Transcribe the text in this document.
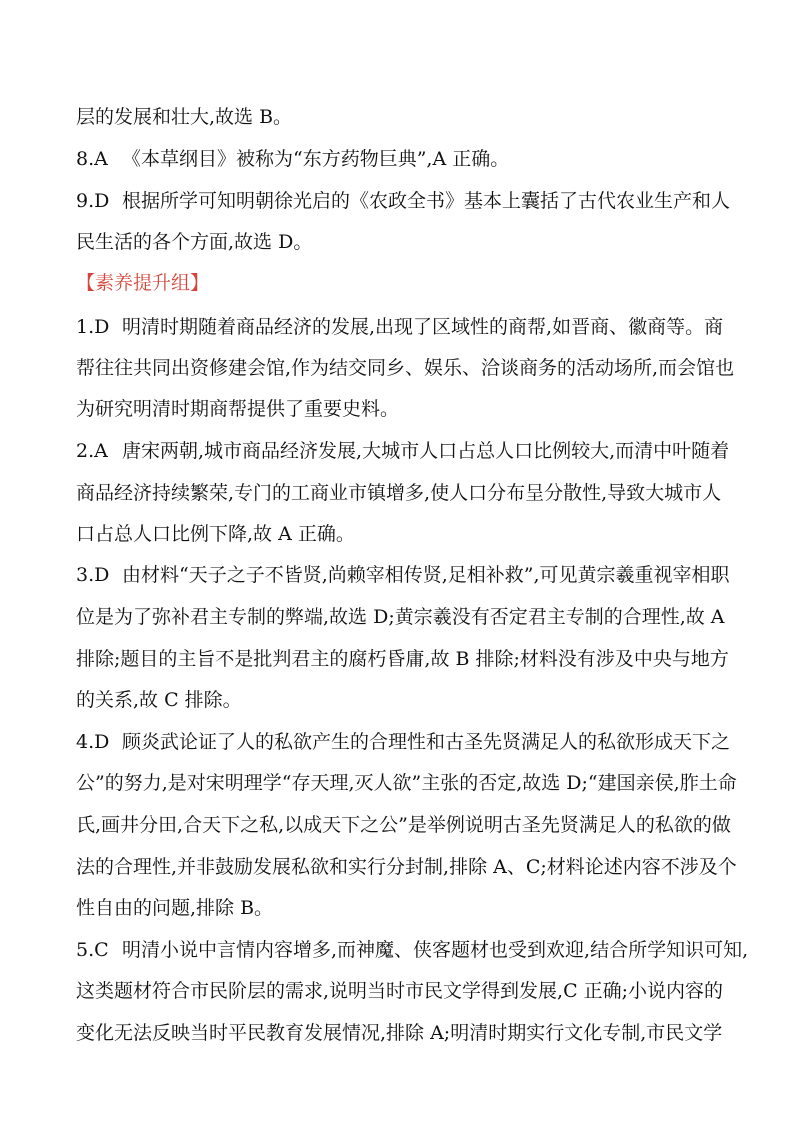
层的发展和壮大,故选 B。
8.A 《本草纲目》被称为“东方药物巨典”,A 正确。
9.D 根据所学可知明朝徐光启的《农政全书》基本上囊括了古代农业生产和人
民生活的各个方面,故选 D。
【素养提升组】
1.D 明清时期随着商品经济的发展,出现了区域性的商帮,如晋商、徽商等。商
帮往往共同出资修建会馆,作为结交同乡、娱乐、洽谈商务的活动场所,而会馆也
为研究明清时期商帮提供了重要史料。
2.A 唐宋两朝,城市商品经济发展,大城市人口占总人口比例较大,而清中叶随着
商品经济持续繁荣,专门的工商业市镇增多,使人口分布呈分散性,导致大城市人
口占总人口比例下降,故 A 正确。
3.D 由材料“天子之子不皆贤,尚赖宰相传贤,足相补救”,可见黄宗羲重视宰相职
位是为了弥补君主专制的弊端,故选 D;黄宗羲没有否定君主专制的合理性,故 A
排除;题目的主旨不是批判君主的腐朽昏庸,故 B 排除;材料没有涉及中央与地方
的关系,故 C 排除。
4.D 顾炎武论证了人的私欲产生的合理性和古圣先贤满足人的私欲形成天下之
公”的努力,是对宋明理学“存天理,灭人欲”主张的否定,故选 D;“建国亲侯,胙土命
氏,画井分田,合天下之私,以成天下之公”是举例说明古圣先贤满足人的私欲的做
法的合理性,并非鼓励发展私欲和实行分封制,排除 A、C;材料论述内容不涉及个
性自由的问题,排除 B。
5.C 明清小说中言情内容增多,而神魔、侠客题材也受到欢迎,结合所学知识可知,
这类题材符合市民阶层的需求,说明当时市民文学得到发展,C 正确;小说内容的
变化无法反映当时平民教育发展情况,排除 A;明清时期实行文化专制,市民文学
